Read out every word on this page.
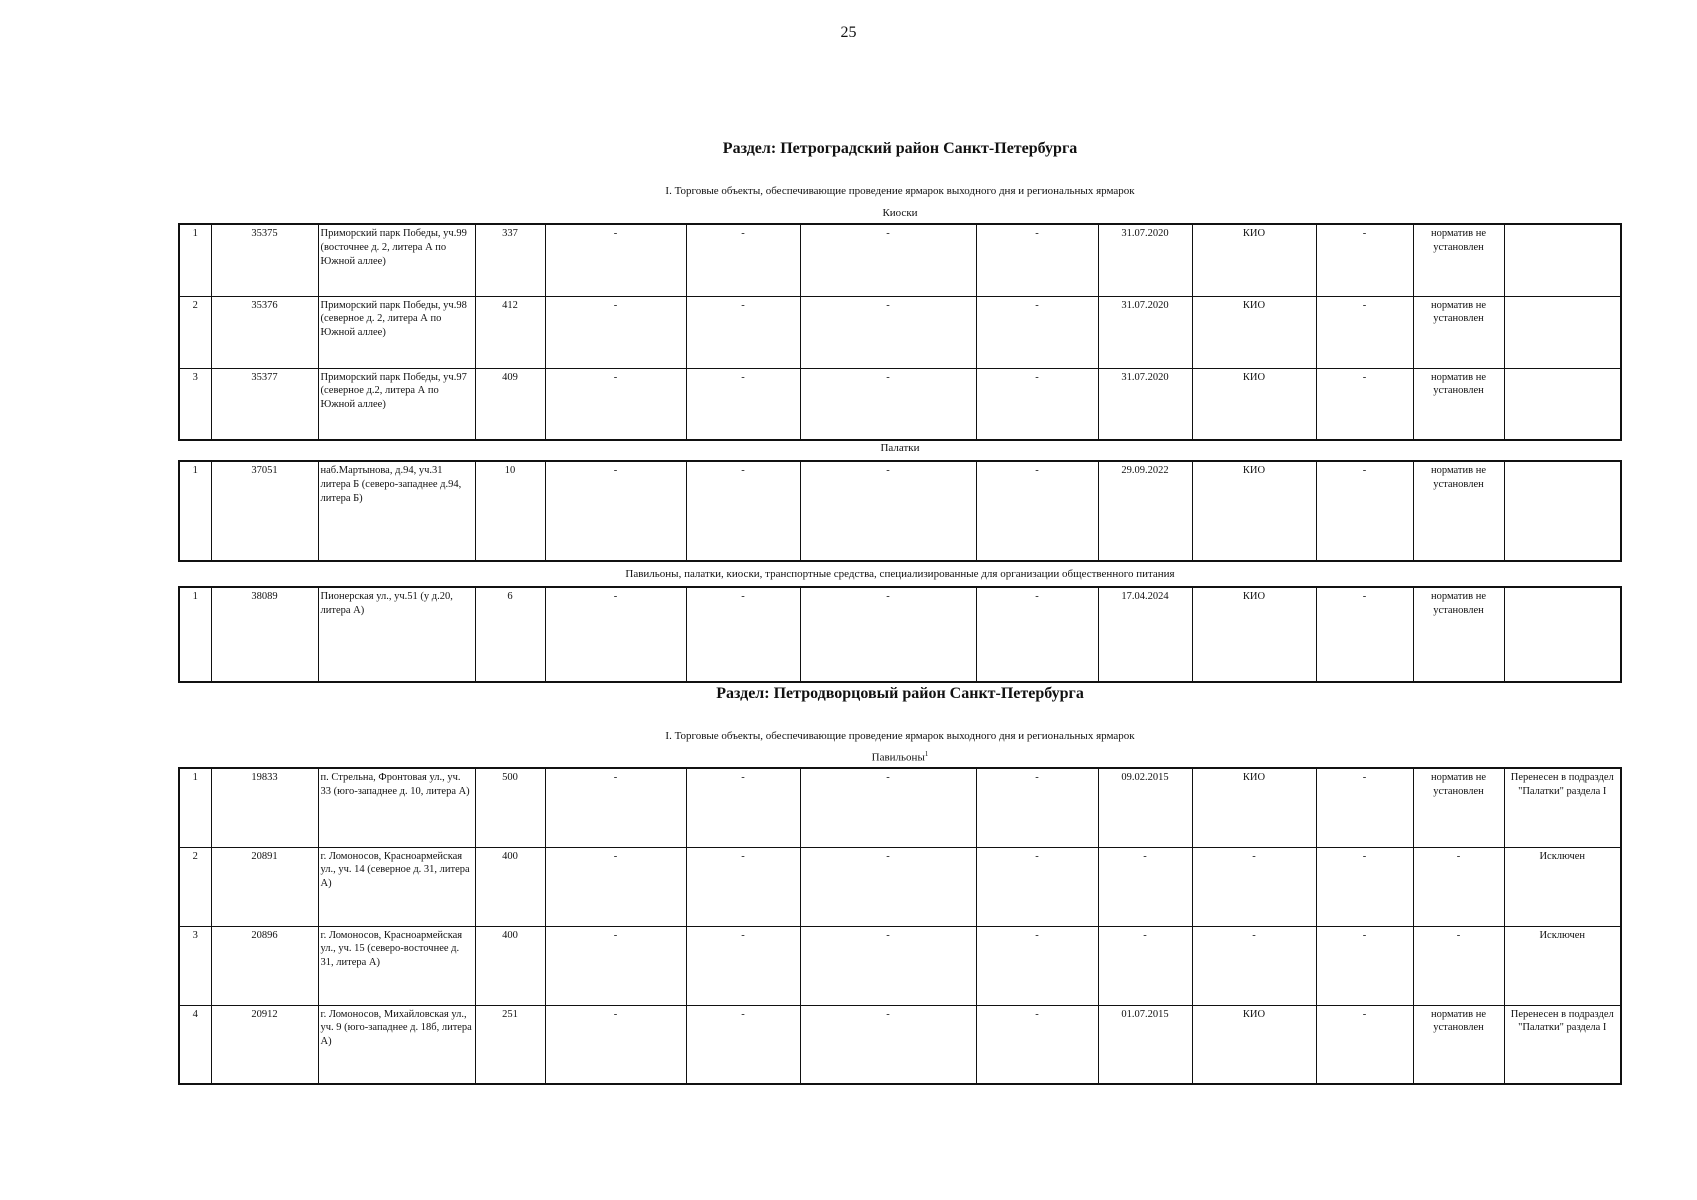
25
Раздел: Петроградский район Санкт-Петербурга
I. Торговые объекты, обеспечивающие проведение ярмарок выходного дня и региональных ярмарок
Киоски
1	35375	Приморский парк Победы, уч.99 (восточнее д. 2, литера А по Южной аллее)	337	-	-	-	-	31.07.2020	КИО	-	норматив не установлен	
2	35376	Приморский парк Победы, уч.98 (северное д. 2, литера А по Южной аллее)	412	-	-	-	-	31.07.2020	КИО	-	норматив не установлен	
3	35377	Приморский парк Победы, уч.97 (северное д.2, литера А по Южной аллее)	409	-	-	-	-	31.07.2020	КИО	-	норматив не установлен	
Палатки
1	37051	наб.Мартынова, д.94, уч.31 литера Б (северо-западнее д.94, литера Б)	10	-	-	-	-	29.09.2022	КИО	-	норматив не установлен	
Павильоны, палатки, киоски, транспортные средства, специализированные для организации общественного питания
1	38089	Пионерская ул., уч.51 (у д.20, литера А)	6	-	-	-	-	17.04.2024	КИО	-	норматив не установлен	
Раздел: Петродворцовый район Санкт-Петербурга
I. Торговые объекты, обеспечивающие проведение ярмарок выходного дня и региональных ярмарок
Павильоны$^1$
1	19833	п. Стрельна, Фронтовая ул., уч. 33 (юго-западнее д. 10, литера А)	500	-	-	-	-	09.02.2015	КИО	-	норматив не установлен	Перенесен в подраздел "Палатки" раздела I
2	20891	г. Ломоносов, Красноармейская ул., уч. 14 (северное д. 31, литера А)	400	-	-	-	-	-	-	-	-	Исключен
3	20896	г. Ломоносов, Красноармейская ул., уч. 15 (северо-восточнее д. 31, литера А)	400	-	-	-	-	-	-	-	-	Исключен
4	20912	г. Ломоносов, Михайловская ул., уч. 9 (юго-западнее д. 18б, литера А)	251	-	-	-	-	01.07.2015	КИО	-	норматив не установлен	Перенесен в подраздел "Палатки" раздела I
